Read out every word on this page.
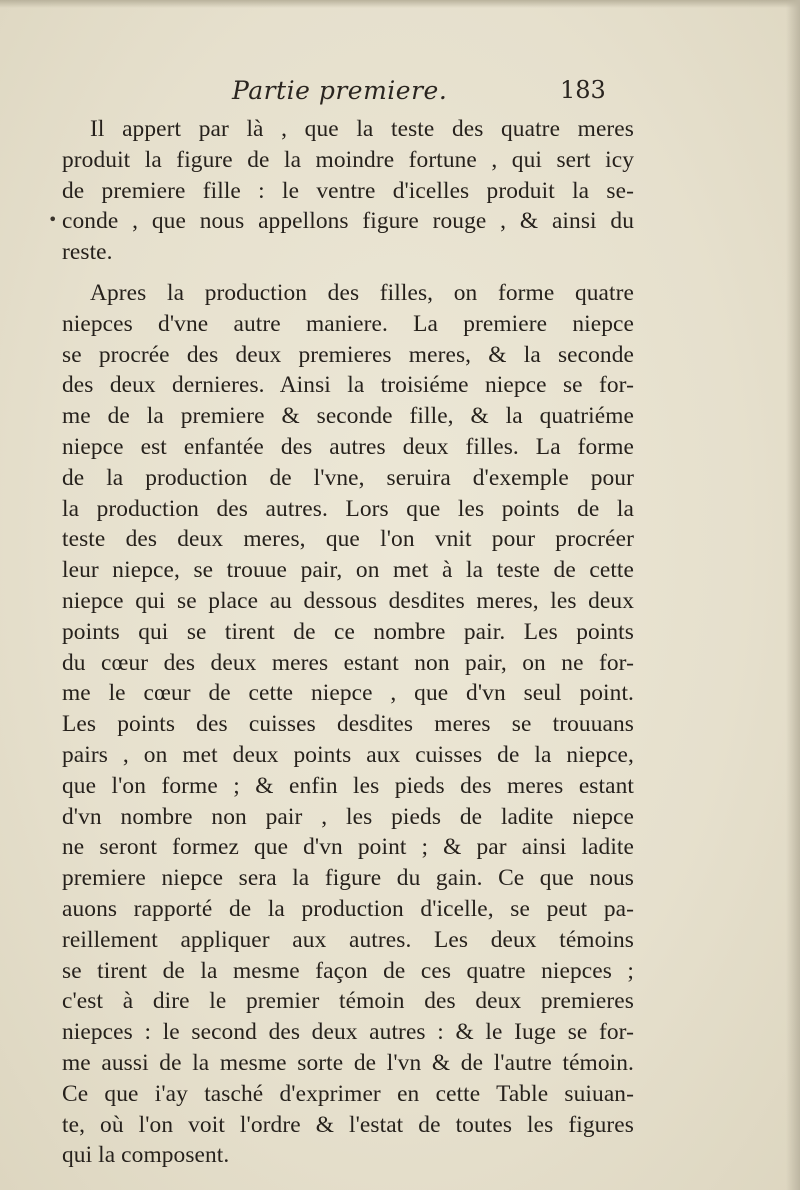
Partie premiere.	183
•
Il appert par là , que la teste des quatre meres
produit la figure de la moindre fortune , qui sert icy
de premiere fille : le ventre d'icelles produit la se-
conde , que nous appellons figure rouge , & ainsi du
reste.
Apres la production des filles, on forme quatre
niepces d'vne autre maniere. La premiere niepce
se procrée des deux premieres meres, & la seconde
des deux dernieres. Ainsi la troisiéme niepce se for-
me de la premiere & seconde fille, & la quatriéme
niepce est enfantée des autres deux filles. La forme
de la production de l'vne, seruira d'exemple pour
la production des autres. Lors que les points de la
teste des deux meres, que l'on vnit pour procréer
leur niepce, se trouue pair, on met à la teste de cette
niepce qui se place au dessous desdites meres, les deux
points qui se tirent de ce nombre pair. Les points
du cœur des deux meres estant non pair, on ne for-
me le cœur de cette niepce , que d'vn seul point.
Les points des cuisses desdites meres se trouuans
pairs , on met deux points aux cuisses de la niepce,
que l'on forme ; & enfin les pieds des meres estant
d'vn nombre non pair , les pieds de ladite niepce
ne seront formez que d'vn point ; & par ainsi ladite
premiere niepce sera la figure du gain. Ce que nous
auons rapporté de la production d'icelle, se peut pa-
reillement appliquer aux autres. Les deux témoins
se tirent de la mesme façon de ces quatre niepces ;
c'est à dire le premier témoin des deux premieres
niepces : le second des deux autres : & le Iuge se for-
me aussi de la mesme sorte de l'vn & de l'autre témoin.
Ce que i'ay tasché d'exprimer en cette Table suiuan-
te, où l'on voit l'ordre & l'estat de toutes les figures
qui la composent.
